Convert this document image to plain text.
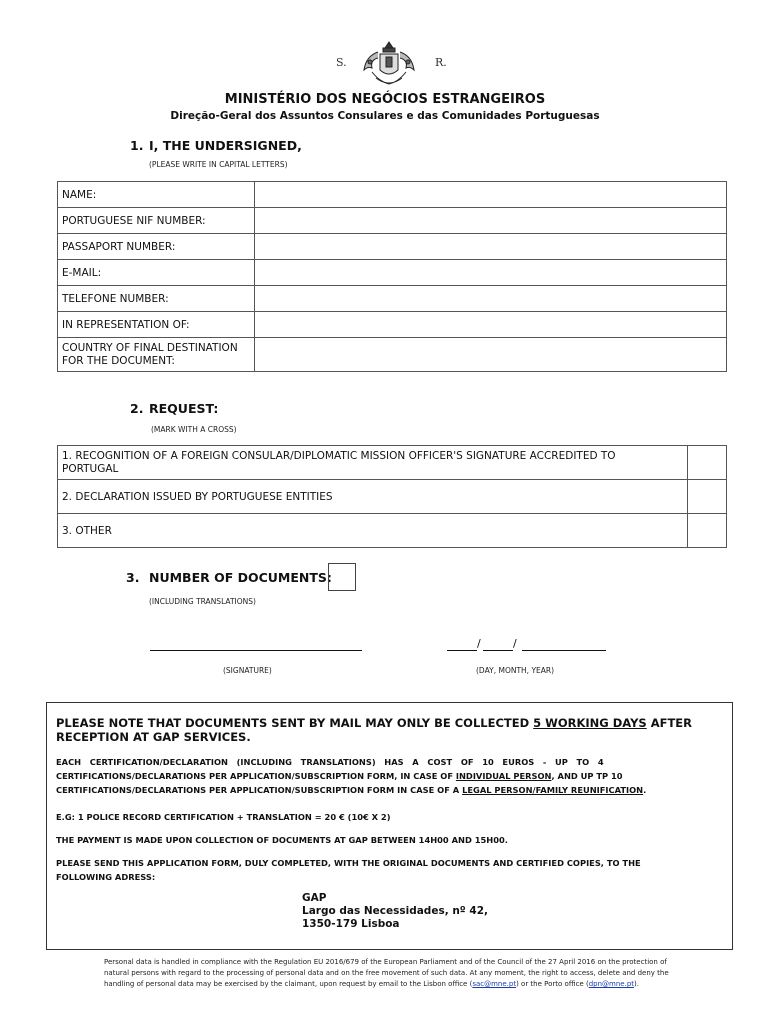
S.	R.
MINISTÉRIO DOS NEGÓCIOS ESTRANGEIROS
Direção-Geral dos Assuntos Consulares e das Comunidades Portuguesas
1. I, THE UNDERSIGNED,
(PLEASE WRITE IN CAPITAL LETTERS)
NAME:	
PORTUGUESE NIF NUMBER:	
PASSAPORT NUMBER:	
E-MAIL:	
TELEFONE NUMBER:	
IN REPRESENTATION OF:	

COUNTRY OF FINAL DESTINATION
FOR THE DOCUMENT:	

2. REQUEST:
(MARK WITH A CROSS)
1. RECOGNITION OF A FOREIGN CONSULAR/DIPLOMATIC MISSION OFFICER'S SIGNATURE ACCREDITED TO
PORTUGAL	

2. DECLARATION ISSUED BY PORTUGUESE ENTITIES	
3. OTHER	
3. NUMBER OF DOCUMENTS:
(INCLUDING TRANSLATIONS)
(SIGNATURE)
/	/
(DAY, MONTH, YEAR)
PLEASE NOTE THAT DOCUMENTS SENT BY MAIL MAY ONLY BE COLLECTED 5 WORKING DAYS AFTER
RECEPTION AT GAP SERVICES.
EACH   CERTIFICATION/DECLARATION   (INCLUDING   TRANSLATIONS)   HAS   A   COST   OF   10   EUROS   -   UP   TO   4
CERTIFICATIONS/DECLARATIONS PER APPLICATION/SUBSCRIPTION FORM, IN CASE OF INDIVIDUAL PERSON, AND UP TP 10
CERTIFICATIONS/DECLARATIONS PER APPLICATION/SUBSCRIPTION FORM IN CASE OF A LEGAL PERSON/FAMILY REUNIFICATION.
E.G: 1 POLICE RECORD CERTIFICATION + TRANSLATION = 20 € (10€ X 2)
THE PAYMENT IS MADE UPON COLLECTION OF DOCUMENTS AT GAP BETWEEN 14H00 AND 15H00.
PLEASE SEND THIS APPLICATION FORM, DULY COMPLETED, WITH THE ORIGINAL DOCUMENTS AND CERTIFIED COPIES, TO THE
FOLLOWING ADRESS:
GAP
Largo das Necessidades, nº 42,
1350-179 Lisboa
Personal data is handled in compliance with the Regulation EU 2016/679 of the European Parliament and of the Council of the 27 April 2016 on the protection of
natural persons with regard to the processing of personal data and on the free movement of such data. At any moment, the right to access, delete and deny the
handling of personal data may be exercised by the claimant, upon request by email to the Lisbon office (sac@mne.pt) or the Porto office (dpn@mne.pt).
